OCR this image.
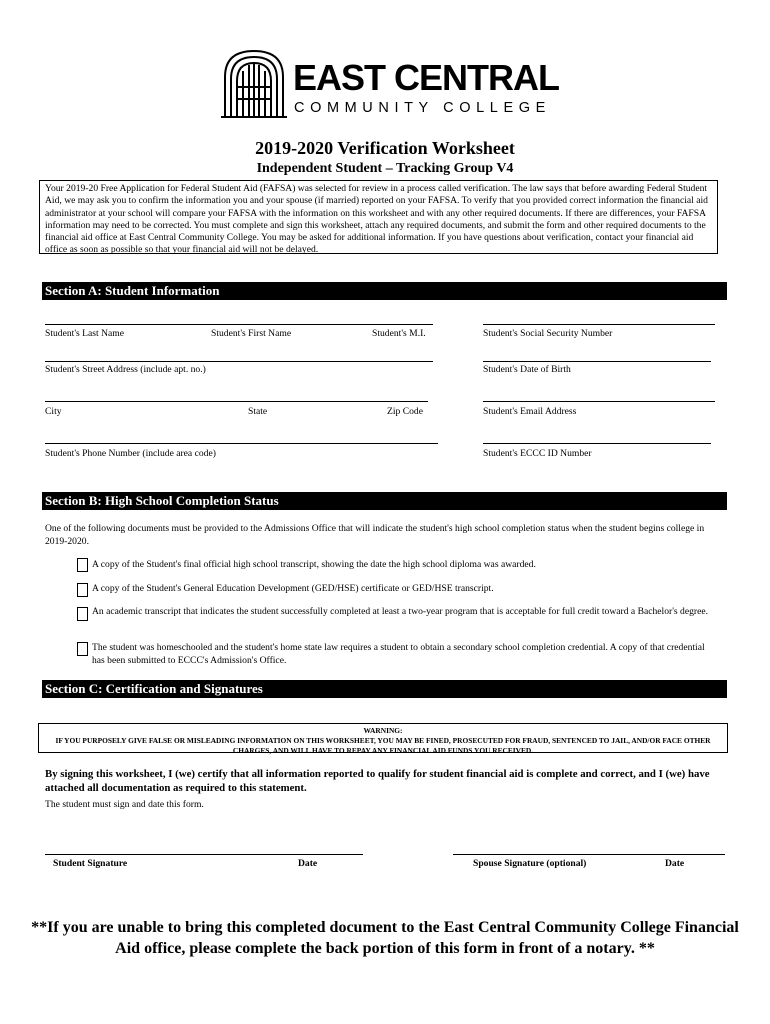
EAST CENTRAL
COMMUNITY COLLEGE
2019-2020 Verification Worksheet
Independent Student – Tracking Group V4
Your 2019-20 Free Application for Federal Student Aid (FAFSA) was selected for review in a process called verification. The law says that before awarding Federal Student Aid, we may ask you to confirm the information you and your spouse (if married) reported on your FAFSA. To verify that you provided correct information the financial aid administrator at your school will compare your FAFSA with the information on this worksheet and with any other required documents. If there are differences, your FAFSA information may need to be corrected. You must complete and sign this worksheet, attach any required documents, and submit the form and other required documents to the financial aid office at East Central Community College. You may be asked for additional information. If you have questions about verification, contact your financial aid office as soon as possible so that your financial aid will not be delayed.
Section A: Student Information
Student's Last Name	Student's First Name	Student's M.I.	Student's Social Security Number
Student's Street Address (include apt. no.)	Student's Date of Birth
City	State	Zip Code	Student's Email Address
Student's Phone Number (include area code)	Student's ECCC ID Number
Section B: High School Completion Status
One of the following documents must be provided to the Admissions Office that will indicate the student's high school completion status when the student begins college in 2019-2020.
A copy of the Student's final official high school transcript, showing the date the high school diploma was awarded.
A copy of the Student's General Education Development (GED/HSE) certificate or GED/HSE transcript.
An academic transcript that indicates the student successfully completed at least a two-year program that is acceptable for full credit toward a Bachelor's degree.
The student was homeschooled and the student's home state law requires a student to obtain a secondary school completion credential. A copy of that credential has been submitted to ECCC's Admission's Office.
Section C: Certification and Signatures
WARNING:
IF YOU PURPOSELY GIVE FALSE OR MISLEADING INFORMATION ON THIS WORKSHEET, YOU MAY BE FINED, PROSECUTED FOR FRAUD, SENTENCED TO JAIL, AND/OR FACE OTHER CHARGES, AND WILL HAVE TO REPAY ANY FINANCIAL AID FUNDS YOU RECEIVED.
By signing this worksheet, I (we) certify that all information reported to qualify for student financial aid is complete and correct, and I (we) have attached all documentation as required to this statement.
The student must sign and date this form.
Student Signature	Date	Spouse Signature (optional)	Date
**If you are unable to bring this completed document to the East Central Community College Financial Aid office, please complete the back portion of this form in front of a notary. **
